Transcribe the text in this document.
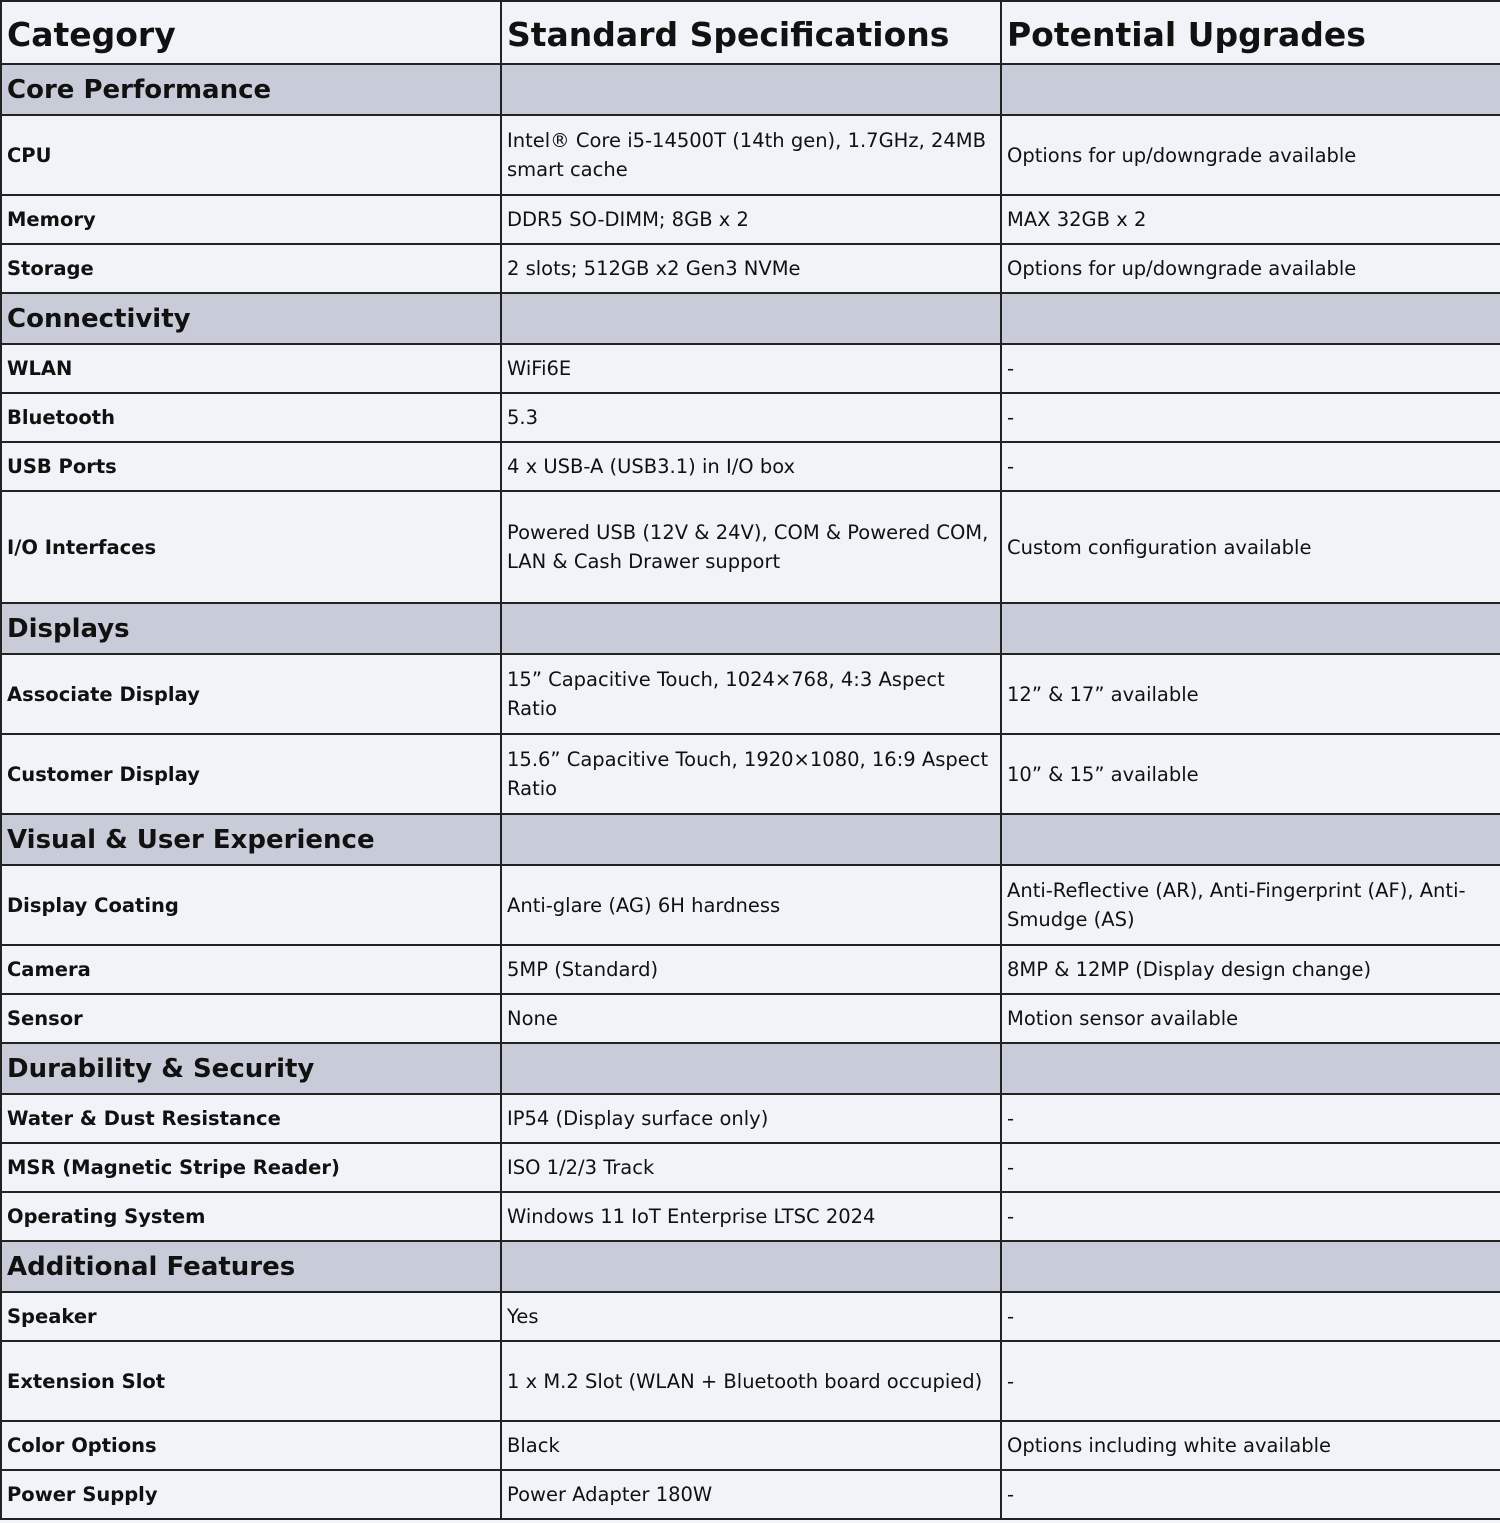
Category	Standard Specifications	Potential Upgrades
Core Performance		
CPU	Intel® Core i5-14500T (14th gen), 1.7GHz, 24MB smart cache	Options for up/downgrade available
Memory	DDR5 SO-DIMM; 8GB x 2	MAX 32GB x 2
Storage	2 slots; 512GB x2 Gen3 NVMe	Options for up/downgrade available
Connectivity		
WLAN	WiFi6E	-
Bluetooth	5.3	-
USB Ports	4 x USB-A (USB3.1) in I/O box	-
I/O Interfaces	Powered USB (12V & 24V), COM & Powered COM, LAN & Cash Drawer support	Custom configuration available
Displays		
Associate Display	15” Capacitive Touch, 1024×768, 4:3 Aspect Ratio	12” & 17” available
Customer Display	15.6” Capacitive Touch, 1920×1080, 16:9 Aspect Ratio	10” & 15” available
Visual & User Experience		
Display Coating	Anti-glare (AG) 6H hardness	Anti-Reflective (AR), Anti-Fingerprint (AF), Anti-Smudge (AS)
Camera	5MP (Standard)	8MP & 12MP (Display design change)
Sensor	None	Motion sensor available
Durability & Security		
Water & Dust Resistance	IP54 (Display surface only)	-
MSR (Magnetic Stripe Reader)	ISO 1/2/3 Track	-
Operating System	Windows 11 IoT Enterprise LTSC 2024	-
Additional Features		
Speaker	Yes	-
Extension Slot	1 x M.2 Slot (WLAN + Bluetooth board occupied)	-
Color Options	Black	Options including white available
Power Supply	Power Adapter 180W	-
